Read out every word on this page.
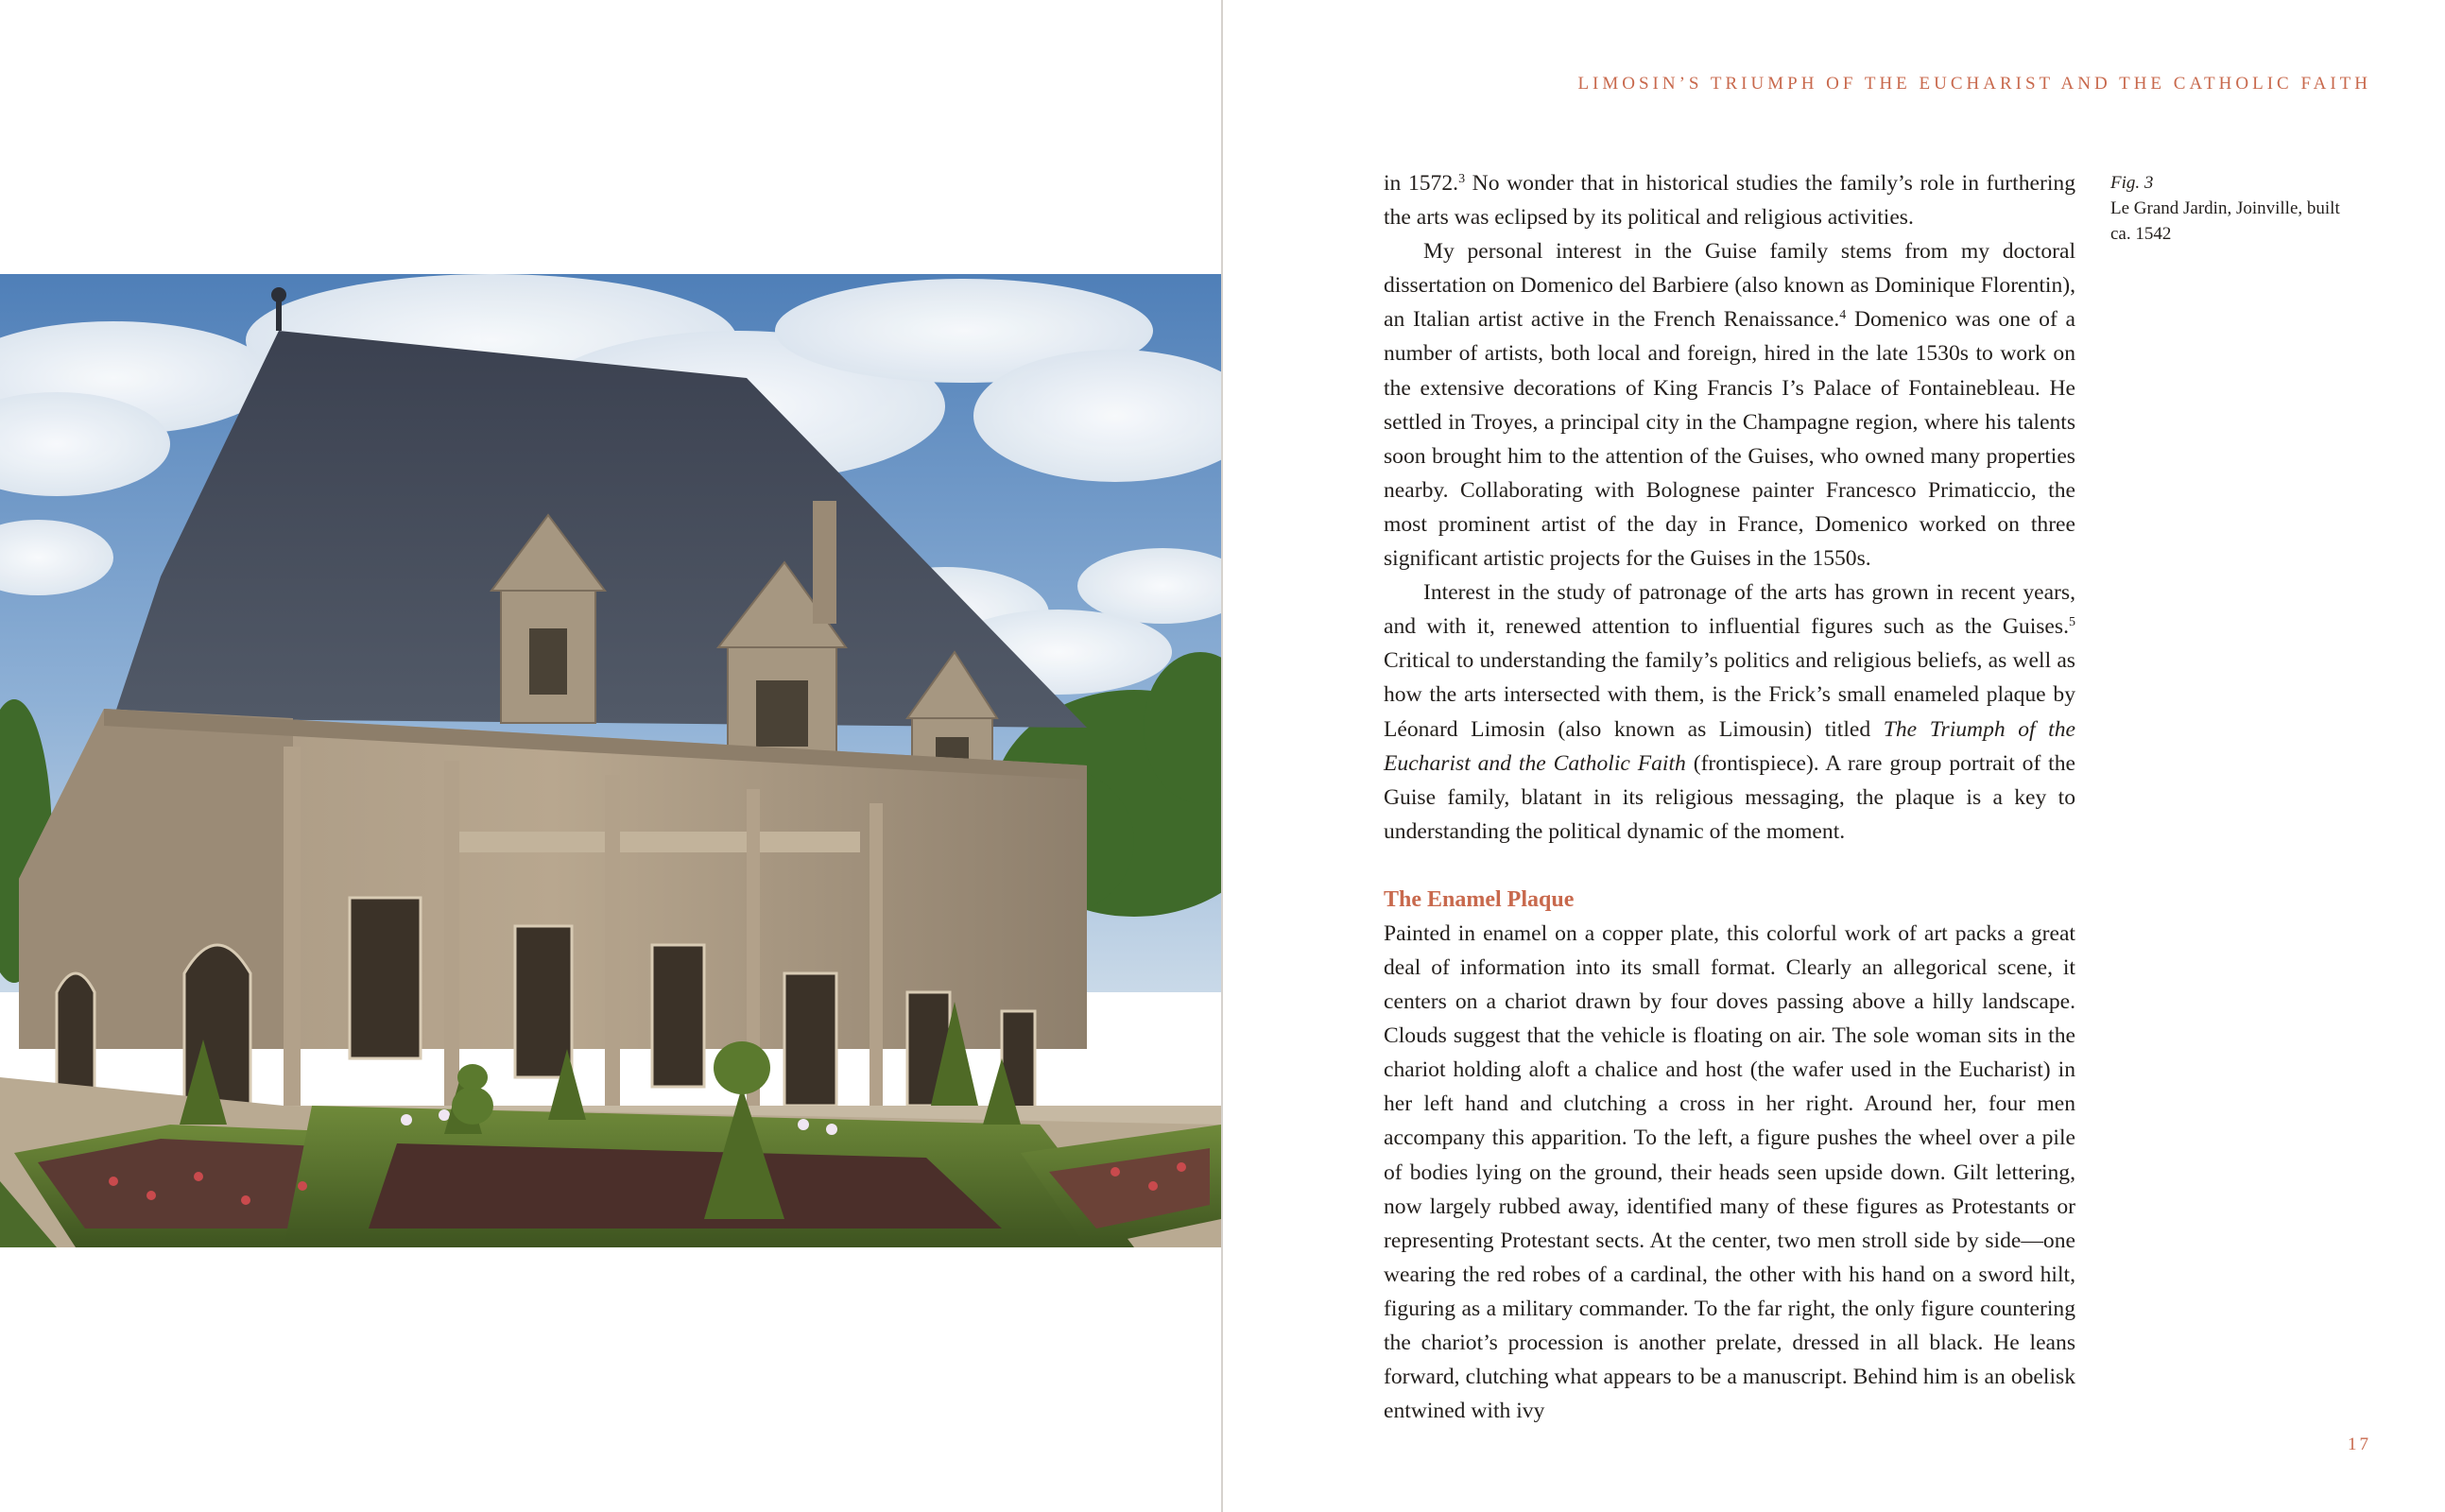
LIMOSIN’S TRIUMPH OF THE EUCHARIST AND THE CATHOLIC FAITH

in 1572.$^3$ No wonder that in historical studies the family’s role in furthering the arts was eclipsed by its political and religious activities.

My personal interest in the Guise family stems from my doctoral dissertation on Domenico del Barbiere (also known as Dominique Florentin), an Italian artist active in the French Renaissance.$^4$ Domenico was one of a number of artists, both local and foreign, hired in the late 1530s to work on the extensive decorations of King Francis I’s Palace of Fontainebleau. He settled in Troyes, a principal city in the Champagne region, where his talents soon brought him to the attention of the Guises, who owned many properties nearby. Collaborating with Bolognese painter Francesco Primaticcio, the most prominent artist of the day in France, Domenico worked on three significant artistic projects for the Guises in the 1550s.

Interest in the study of patronage of the arts has grown in recent years, and with it, renewed attention to influential figures such as the Guises.$^5$ Critical to understanding the family’s politics and religious beliefs, as well as how the arts intersected with them, is the Frick’s small enameled plaque by Léonard Limosin (also known as Limousin) titled The Triumph of the Eucharist and the Catholic Faith (frontispiece). A rare group portrait of the Guise family, blatant in its religious messaging, the plaque is a key to understanding the political dynamic of the moment.

The Enamel Plaque

Painted in enamel on a copper plate, this colorful work of art packs a great deal of information into its small format. Clearly an allegorical scene, it centers on a chariot drawn by four doves passing above a hilly landscape. Clouds suggest that the vehicle is floating on air. The sole woman sits in the chariot holding aloft a chalice and host (the wafer used in the Eucharist) in her left hand and clutching a cross in her right. Around her, four men accompany this apparition. To the left, a figure pushes the wheel over a pile of bodies lying on the ground, their heads seen upside down. Gilt lettering, now largely rubbed away, identified many of these figures as Protestants or representing Protestant sects. At the center, two men stroll side by side—one wearing the red robes of a cardinal, the other with his hand on a sword hilt, figuring as a military commander. To the far right, the only figure countering the chariot’s procession is another prelate, dressed in all black. He leans forward, clutching what appears to be a manuscript. Behind him is an obelisk entwined with ivy

Fig. 3
Le Grand Jardin, Joinville, built
ca. 1542
17
